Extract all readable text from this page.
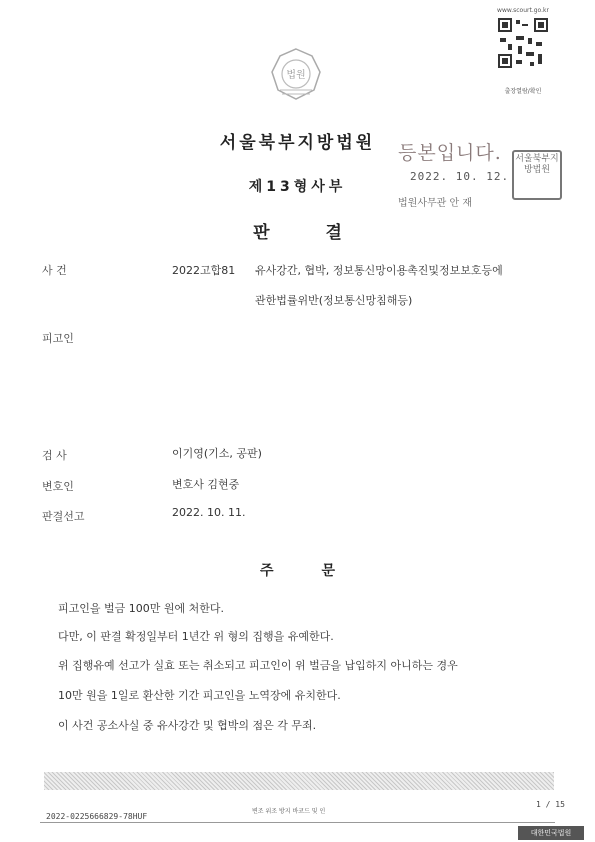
법원
www.scourt.go.kr
출장열람/확인
서울북부지방법원
제13형사부
판	결
등본입니다.
2022. 10. 12.
법원사무관 안 재
서울북부지방법원
사 건	2022고합81 유사강간, 협박, 정보통신망이용촉진및정보보호등에
관한법률위반(정보통신망침해등)
피고인
검 사	이기영(기소, 공판)
변호인	변호사 김현중
판결선고	2022. 10. 11.
주	문
피고인을 벌금 100만 원에 처한다.
다만, 이 판결 확정일부터 1년간 위 형의 집행을 유예한다.
위 집행유예 선고가 실효 또는 취소되고 피고인이 위 벌금을 납입하지 아니하는 경우
10만 원을 1일로 환산한 기간 피고인을 노역장에 유치한다.
이 사건 공소사실 중 유사강간 및 협박의 점은 각 무죄.
1 / 15
변조 위조 방지 바코드 및 인
2022-0225666829-78HUF
대한민국법원
